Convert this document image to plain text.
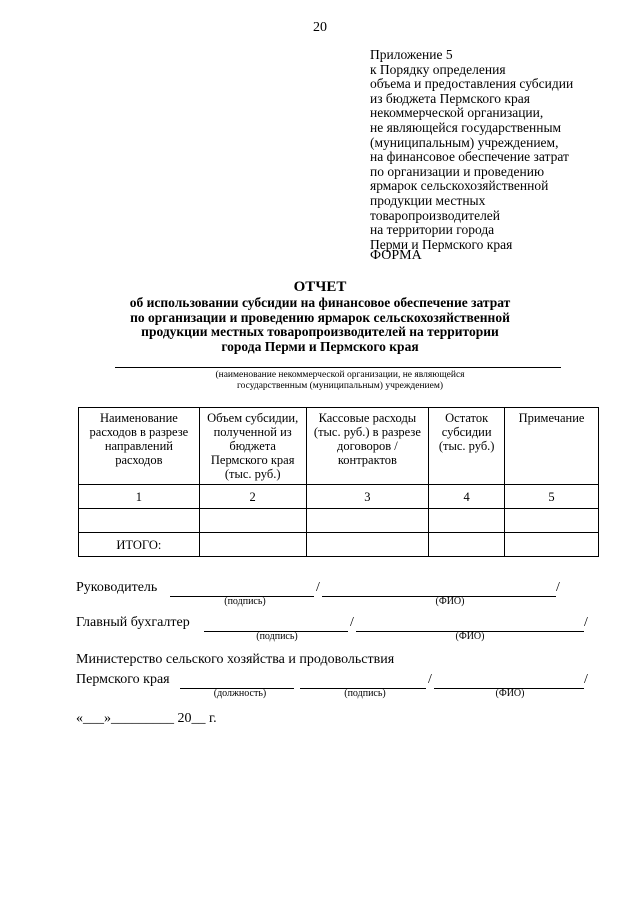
20
Приложение 5
к Порядку определения
объема и предоставления субсидии
из бюджета Пермского края
некоммерческой организации,
не являющейся государственным
(муниципальным) учреждением,
на финансовое обеспечение затрат
по организации и проведению
ярмарок сельскохозяйственной
продукции местных
товаропроизводителей
на территории города
Перми и Пермского края
ФОРМА
ОТЧЕТ
об использовании субсидии на финансовое обеспечение затрат
по организации и проведению ярмарок сельскохозяйственной
продукции местных товаропроизводителей на территории
города Перми и Пермского края
(наименование некоммерческой организации, не являющейся
государственным (муниципальным) учреждением)
Наименование расходов в разрезе направлений расходов	Объем субсидии, полученной из бюджета Пермского края (тыс. руб.)	Кассовые расходы (тыс. руб.) в разрезе договоров / контрактов	Остаток субсидии (тыс. руб.)	Примечание
1	2	3	4	5

ИТОГО:				
Руководитель	/	/
(подпись)	(ФИО)
Главный бухгалтер	/	/
(подпись)	(ФИО)
Министерство сельского хозяйства и продовольствия
Пермского края	/	/
(должность)	(подпись)	(ФИО)
«___»_________ 20__ г.
